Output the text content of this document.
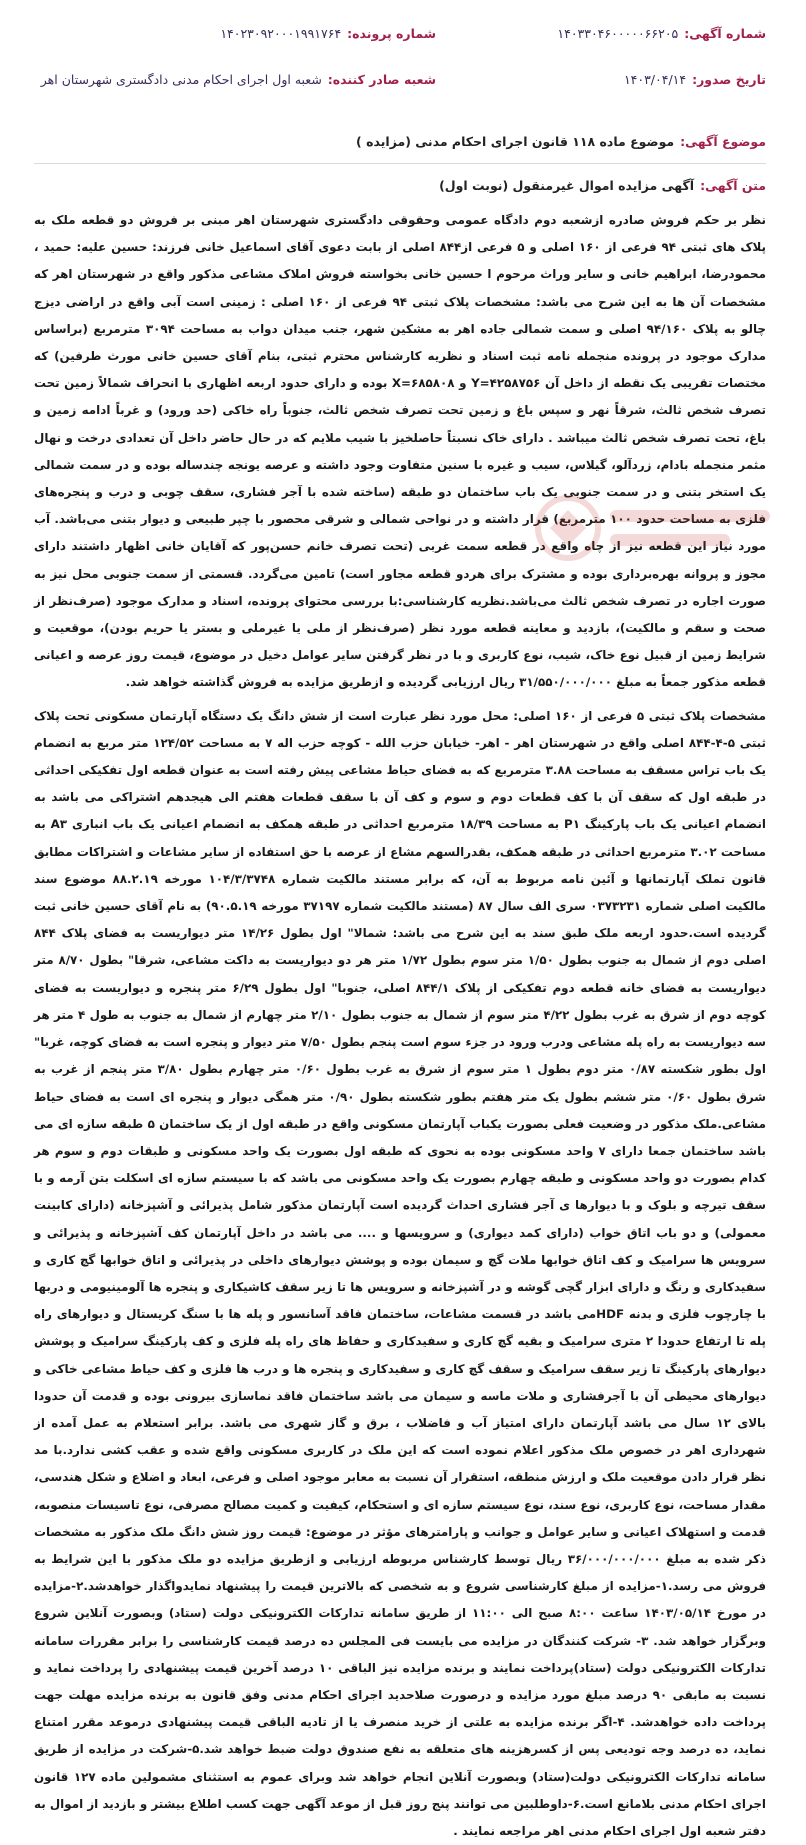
شماره آگهی:
۱۴۰۳۳۰۴۶۰۰۰۰۰۶۶۲۰۵
شماره پرونده:
۱۴۰۲۳۰۹۲۰۰۰۱۹۹۱۷۶۴
تاریخ صدور:
۱۴۰۳/۰۴/۱۴
شعبه صادر کننده:
شعبه اول اجرای احکام مدنی دادگستری شهرستان اهر
موضوع آگهی:
موضوع ماده ۱۱۸ قانون اجرای احکام مدنی (مزایده )
متن آگهی:
آگهی مزایده اموال غیرمنقول (نوبت اول)

نظر بر حکم فروش صادره ازشعبه دوم دادگاه عمومی وحقوقی دادگستری شهرستان اهر مبنی بر فروش دو قطعه ملک به پلاک های ثبتی ۹۴ فرعی از ۱۶۰ اصلی و ۵ فرعی از۸۴۴ اصلی از بابت دعوی آقای اسماعیل خانی فرزند: حسین علیه: حمید ، محمودرضا، ابراهیم خانی و سایر وراث مرحوم ا حسین خانی بخواسته فروش املاک مشاعی مذکور واقع در شهرستان اهر که مشخصات آن ها به این شرح می باشد: مشخصات پلاک ثبتی ۹۴ فرعی از ۱۶۰ اصلی : زمینی است آبی واقع در اراضی دیزج چالو به پلاک ۹۴/۱۶۰ اصلی و سمت شمالی جاده اهر به مشکین شهر، جنب میدان دواب به مساحت ۳۰۹۴ مترمربع (براساس مدارک موجود در پرونده منجمله نامه ثبت اسناد و نظریه کارشناس محترم ثبتی، بنام آقای حسین خانی مورث طرفین) که مختصات تقریبی یک نقطه از داخل آن Y=۴۲۵۸۷۵۶ و X=۶۸۵۸۰۸ بوده و دارای حدود اربعه اظهاری با انحراف شمالاً زمین تحت تصرف شخص ثالث، شرقاً نهر و سپس باغ و زمین تحت تصرف شخص ثالث، جنوباً راه خاکی (حد ورود) و غرباً ادامه زمین و باغ، تحت تصرف شخص ثالث میباشد . دارای خاک نسبتاً حاصلخیز با شیب ملایم که در حال حاضر داخل آن تعدادی درخت و نهال مثمر منجمله بادام، زردآلو، گیلاس، سیب و غیره با سنین متفاوت وجود داشته و عرصه یونجه چندساله بوده و در سمت شمالی یک استخر بتنی و در سمت جنوبی یک باب ساختمان دو طبقه (ساخته شده با آجر فشاری، سقف چوبی و درب و پنجره‌های فلزی به مساحت حدود ۱۰۰ مترمربع) قرار داشته و در نواحی شمالی و شرقی محصور با چپر طبیعی و دیوار بتنی می‌باشد. آب مورد نیاز این قطعه نیز از چاه واقع در قطعه سمت غربی (تحت تصرف خانم حسن‌پور که آقایان خانی اظهار داشتند دارای مجوز و پروانه بهره‌برداری بوده و مشترک برای هردو قطعه مجاور است) تامین می‌گردد. قسمتی از سمت جنوبی محل نیز به صورت اجاره در تصرف شخص ثالث می‌باشد.نظریه کارشناسی:با بررسی محتوای پرونده، اسناد و مدارک موجود (صرف‌نظر از صحت و سقم و مالکیت)، بازدید و معاینه قطعه مورد نظر (صرف‌نظر از ملی یا غیرملی و بستر یا حریم بودن)، موقعیت و شرایط زمین از قبیل نوع خاک، شیب، نوع کاربری و با در نظر گرفتن سایر عوامل دخیل در موضوع، قیمت روز عرصه و اعیانی قطعه مذکور جمعاً به مبلغ ۳۱/۵۵۰/۰۰۰/۰۰۰ ریال ارزیابی گردیده و ازطریق مزایده به فروش گذاشته خواهد شد.

مشخصات پلاک ثبتی ۵ فرعی از ۱۶۰ اصلی: محل مورد نظر عبارت است از شش دانگ یک دستگاه آپارتمان مسکونی تحت پلاک ثبتی ۵-۴-۸۴۴ اصلی واقع در شهرستان اهر - اهر- خیابان حزب الله - کوچه حزب اله ۷ به مساحت ۱۲۴/۵۲ متر مربع به انضمام یک باب تراس مسقف به مساحت ۳.۸۸ مترمربع که به فضای حیاط مشاعی پیش رفته است به عنوان قطعه اول تفکیکی احداثی در طبقه اول که سقف آن با کف قطعات دوم و سوم و کف آن با سقف قطعات هفتم الی هیجدهم اشتراکی می باشد به انضمام اعیانی یک باب پارکینگ P۱ به مساحت ۱۸/۳۹ مترمربع احداثی در طبقه همکف به انضمام اعیانی یک باب انباری A۳ به مساحت ۳.۰۲ مترمربع احداثی در طبقه همکف، بقدرالسهم مشاع از عرصه با حق استفاده از سایر مشاعات و اشتراکات مطابق قانون تملک آپارتمانها و آئین نامه مربوط به آن، که برابر مستند مالکیت شماره ۱۰۴/۳/۳۷۴۸ مورخه ۸۸.۲.۱۹ موضوع سند مالکیت اصلی شماره ۰۳۷۳۲۳۱ سری الف سال ۸۷ (مستند مالکیت شماره ۳۷۱۹۷ مورخه ۹۰.۵.۱۹) به نام آقای حسین خانی ثبت گردیده است.حدود اربعه ملک طبق سند به این شرح می باشد: شمالا" اول بطول ۱۴/۲۶ متر دیواریست به فضای پلاک ۸۴۴ اصلی دوم از شمال به جنوب بطول ۱/۵۰ متر سوم بطول ۱/۷۲ متر هر دو دیواریست به داکت مشاعی، شرقا" بطول ۸/۷۰ متر دیواریست به فضای خانه قطعه دوم تفکیکی از پلاک ۸۴۴/۱ اصلی، جنوبا" اول بطول ۶/۲۹ متر پنجره و دیواریست به فضای کوچه دوم از شرق به غرب بطول ۴/۲۲ متر سوم از شمال به جنوب بطول ۲/۱۰ متر چهارم از شمال به جنوب به طول ۴ متر هر سه دیواریست به راه پله مشاعی ودرب ورود در جزء سوم است پنجم بطول ۷/۵۰ متر دیوار و پنجره است به فضای کوچه، غربا" اول بطور شکسته ۰/۸۷ متر دوم بطول ۱ متر سوم از شرق به غرب بطول ۰/۶۰ متر چهارم بطول ۳/۸۰ متر پنجم از غرب به شرق بطول ۰/۶۰ متر ششم بطول یک متر هفتم بطور شکسته بطول ۰/۹۰ متر همگی دیوار و پنجره ای است به فضای حیاط مشاعی.ملک مذکور در وضعیت فعلی بصورت یکباب آپارتمان مسکونی واقع در طبقه اول از یک ساختمان ۵ طبقه سازه ای می باشد ساختمان جمعا دارای ۷ واحد مسکونی بوده به نحوی که طبقه اول بصورت یک واحد مسکونی و طبقات دوم و سوم هر کدام بصورت دو واحد مسکونی و طبقه چهارم بصورت یک واحد مسکونی می باشد که با سیستم سازه ای اسکلت بتن آرمه و با سقف تیرچه و بلوک و با دیوارها ی آجر فشاری احداث گردیده است آپارتمان مذکور شامل پذیرائی و آشپزخانه (دارای کابینت معمولی) و دو باب اتاق خواب (دارای کمد دیواری) و سرویسها و .... می باشد در داخل آپارتمان کف آشپزخانه و پذیرائی و سرویس ها سرامیک و کف اتاق خوابها ملات گچ و سیمان بوده و پوشش دیوارهای داخلی در پذیرائی و اتاق خوابها گچ کاری و سفیدکاری و رنگ و دارای ابزار گچی گوشه و در آشپزخانه و سرویس ها تا زیر سقف کاشیکاری و پنجره ها آلومینیومی و دربها با چارچوب فلزی و بدنه HDFمی باشد در قسمت مشاعات، ساختمان فاقد آسانسور و پله ها با سنگ کریستال و دیوارهای راه پله تا ارتفاع حدودا ۲ متری سرامیک و بقیه گچ کاری و سفیدکاری و حفاظ های راه پله فلزی و کف پارکینگ سرامیک و پوشش دیوارهای پارکینگ تا زیر سقف سرامیک و سقف گچ کاری و سفیدکاری و پنجره ها و درب ها فلزی و کف حیاط مشاعی خاکی و دیوارهای محیطی آن با آجرفشاری و ملات ماسه و سیمان می باشد ساختمان فاقد نماسازی بیرونی بوده و قدمت آن حدودا بالای ۱۲ سال می باشد آپارتمان دارای امتیاز آب و فاضلاب ، برق و گاز شهری می باشد. برابر استعلام به عمل آمده از شهرداری اهر در خصوص ملک مذکور اعلام نموده است که این ملک در کاربری مسکونی واقع شده و عقب کشی ندارد.با مد نظر قرار دادن موقعیت ملک و ارزش منطقه، استقرار آن نسبت به معابر موجود اصلی و فرعی، ابعاد و اضلاع و شکل هندسی، مقدار مساحت، نوع کاربری، نوع سند، نوع سیستم سازه ای و استحکام، کیفیت و کمیت مصالح مصرفی، نوع تاسیسات منصوبه، قدمت و استهلاک اعیانی و سایر عوامل و جوانب و پارامترهای مؤثر در موضوع: قیمت روز شش دانگ ملک مذکور به مشخصات ذکر شده به مبلغ ۳۶/۰۰۰/۰۰۰/۰۰۰ ریال توسط کارشناس مربوطه ارزیابی و ازطریق مزایده دو ملک مذکور با این شرایط به فروش می رسد.۱-مزایده از مبلغ کارشناسی شروع و به شخصی که بالاترین قیمت را پیشنهاد نمایدواگذار خواهدشد.۲-مزایده در مورخ ۱۴۰۳/۰۵/۱۴ ساعت ۸:۰۰ صبح الی ۱۱:۰۰ از طریق سامانه تدارکات الکترونیکی دولت (ستاد) وبصورت آنلاین شروع وبرگزار خواهد شد. ۳- شرکت کنندگان در مزایده می بایست فی المجلس ده درصد قیمت کارشناسی را برابر مقررات سامانه تدارکات الکترونیکی دولت (ستاد)پرداخت نمایند و برنده مزایده نیز الباقی ۱۰ درصد آخرین قیمت پیشنهادی را پرداخت نماید و نسبت به مابقی ۹۰ درصد مبلغ مورد مزایده و درصورت صلاحدید اجرای احکام مدنی وفق قانون به برنده مزایده مهلت جهت پرداخت داده خواهدشد. ۴-اگر برنده مزایده به علتی از خرید منصرف یا از تادیه الباقی قیمت پیشنهادی درموعد مقرر امتناع نماید، ده درصد وجه تودیعی پس از کسرهزینه های متعلقه به نفع صندوق دولت ضبط خواهد شد.۵-شرکت در مزایده از طریق سامانه تدارکات الکترونیکی دولت(ستاد) وبصورت آنلاین انجام خواهد شد وبرای عموم به استثنای مشمولین ماده ۱۲۷ قانون اجرای احکام مدنی بلامانع است.۶-داوطلبین می توانند پنج روز قبل از موعد آگهی جهت کسب اطلاع بیشتر و بازدید از اموال به دفتر شعبه اول اجرای احکام مدنی اهر مراجعه نمایند .
